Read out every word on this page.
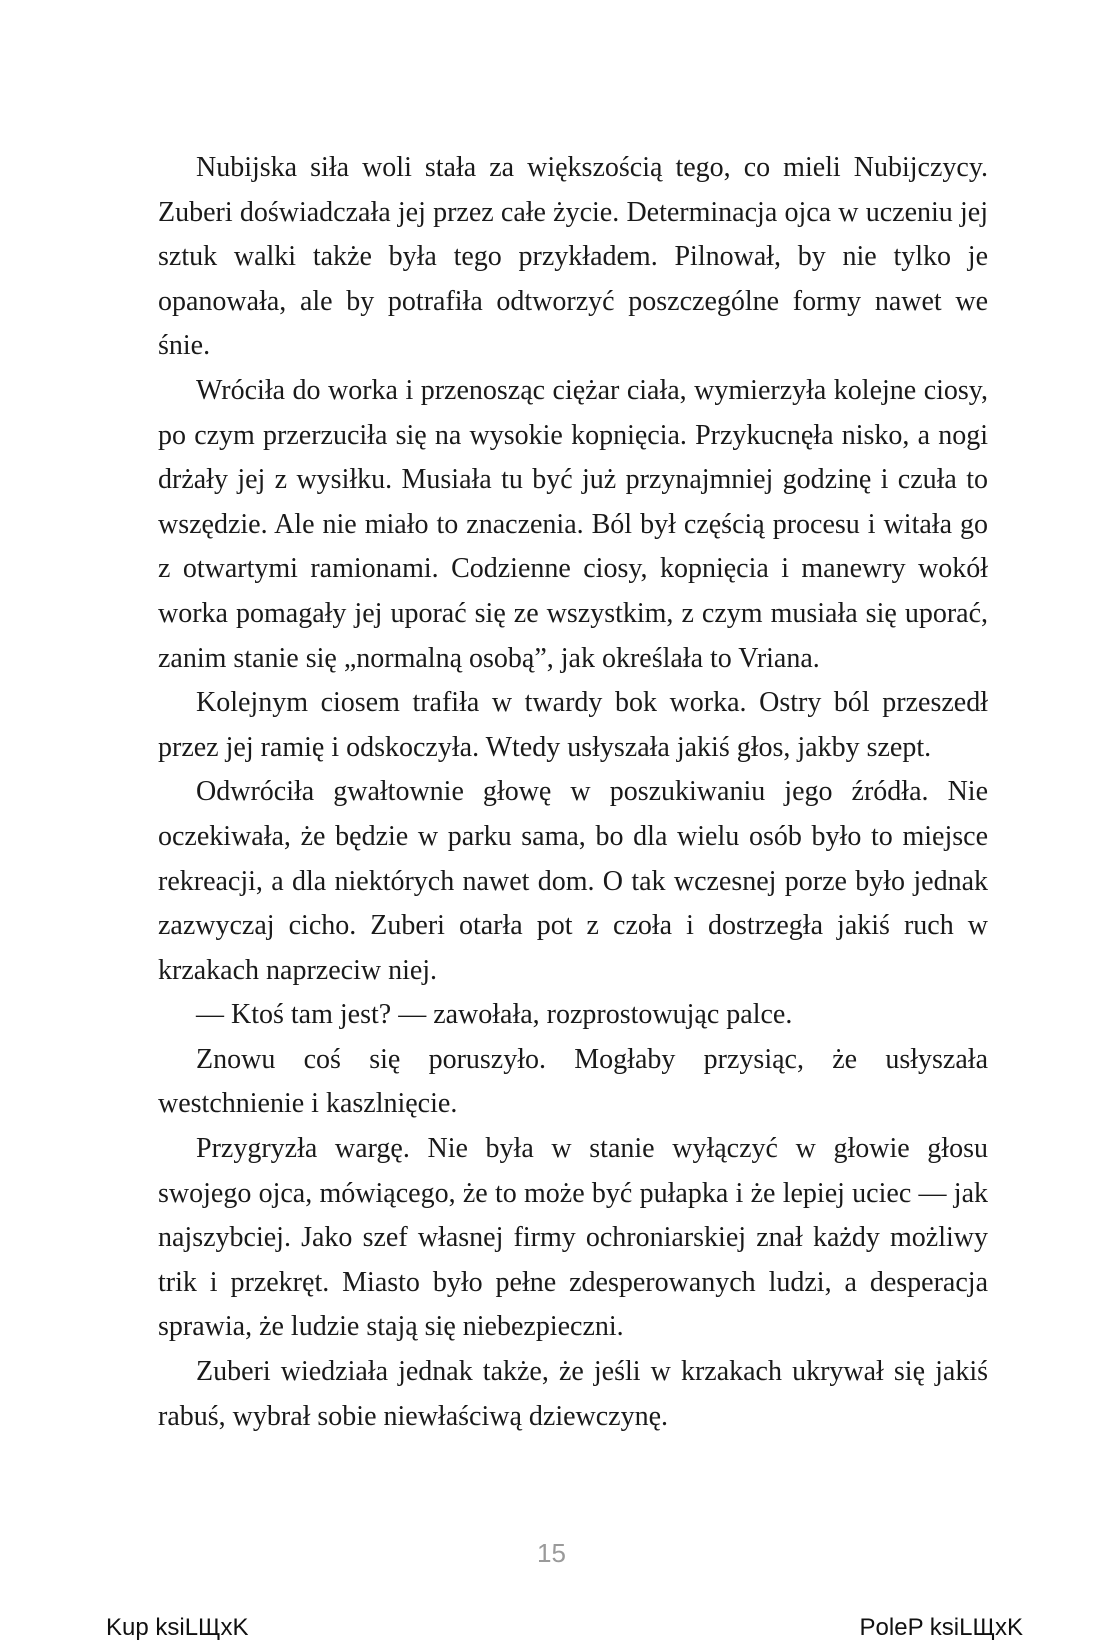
Nubijska siła woli stała za większością tego, co mieli Nubijczycy. Zuberi doświadczała jej przez całe życie. Determinacja ojca w uczeniu jej sztuk walki także była tego przykładem. Pilnował, by nie tylko je opanowała, ale by potrafiła odtworzyć poszczególne formy nawet we śnie.

Wróciła do worka i przenosząc ciężar ciała, wymierzyła kolejne ciosy, po czym przerzuciła się na wysokie kopnięcia. Przykucnęła nisko, a nogi drżały jej z wysiłku. Musiała tu być już przynajmniej godzinę i czuła to wszędzie. Ale nie miało to znaczenia. Ból był częścią procesu i witała go z otwartymi ramionami. Codzienne ciosy, kopnięcia i manewry wokół worka pomagały jej uporać się ze wszystkim, z czym musiała się uporać, zanim stanie się „normalną osobą”, jak określała to Vriana.

Kolejnym ciosem trafiła w twardy bok worka. Ostry ból przeszedł przez jej ramię i odskoczyła. Wtedy usłyszała jakiś głos, jakby szept.

Odwróciła gwałtownie głowę w poszukiwaniu jego źródła. Nie oczekiwała, że będzie w parku sama, bo dla wielu osób było to miejsce rekreacji, a dla niektórych nawet dom. O tak wczesnej porze było jednak zazwyczaj cicho. Zuberi otarła pot z czoła i dostrzegła jakiś ruch w krzakach naprzeciw niej.

— Ktoś tam jest? — zawołała, rozprostowując palce.

Znowu coś się poruszyło. Mogłaby przysiąc, że usłyszała westchnienie i kaszlnięcie.

Przygryzła wargę. Nie była w stanie wyłączyć w głowie głosu swojego ojca, mówiącego, że to może być pułapka i że lepiej uciec — jak najszybciej. Jako szef własnej firmy ochroniarskiej znał każdy możliwy trik i przekręt. Miasto było pełne zdesperowanych ludzi, a desperacja sprawia, że ludzie stają się niebezpieczni.

Zuberi wiedziała jednak także, że jeśli w krzakach ukrywał się jakiś rabuś, wybrał sobie niewłaściwą dziewczynę.

15
Kup ksiLЩxK	PoleP ksiLЩxK
